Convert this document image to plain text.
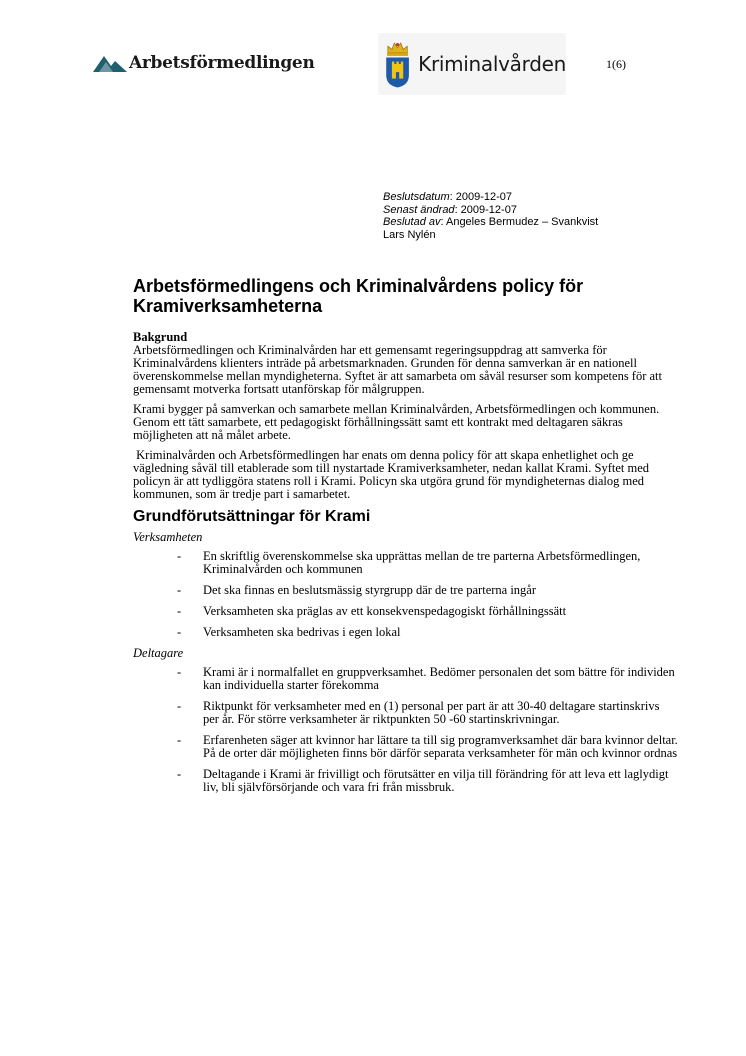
Arbetsförmedlingen	Kriminalvården	1(6)
Beslutsdatum: 2009-12-07
Senast ändrad: 2009-12-07
Beslutad av: Angeles Bermudez – Svankvist
Lars Nylén
Arbetsförmedlingens och Kriminalvårdens policy för Kramiverksamheterna
Bakgrund

Arbetsförmedlingen och Kriminalvården har ett gemensamt regeringsuppdrag att samverka för Kriminalvårdens klienters inträde på arbetsmarknaden. Grunden för denna samverkan är en nationell överenskommelse mellan myndigheterna. Syftet är att samarbeta om såväl resurser som kompetens för att gemensamt motverka fortsatt utanförskap för målgruppen.

Krami bygger på samverkan och samarbete mellan Kriminalvården, Arbetsförmedlingen och kommunen. Genom ett tätt samarbete, ett pedagogiskt förhållningssätt samt ett kontrakt med deltagaren säkras möjligheten att nå målet arbete.

Kriminalvården och Arbetsförmedlingen har enats om denna policy för att skapa enhetlighet och ge vägledning såväl till etablerade som till nystartade Kramiverksamheter, nedan kallat Krami. Syftet med policyn är att tydliggöra statens roll i Krami. Policyn ska utgöra grund för myndigheternas dialog med kommunen, som är tredje part i samarbetet.

Grundförutsättningar för Krami
Verksamheten
- En skriftlig överenskommelse ska upprättas mellan de tre parterna Arbetsförmedlingen, Kriminalvården och kommunen
- Det ska finnas en beslutsmässig styrgrupp där de tre parterna ingår
- Verksamheten ska präglas av ett konsekvenspedagogiskt förhållningssätt
- Verksamheten ska bedrivas i egen lokal
Deltagare
- Krami är i normalfallet en gruppverksamhet. Bedömer personalen det som bättre för individen kan individuella starter förekomma
- Riktpunkt för verksamheter med en (1) personal per part är att 30-40 deltagare startinskrivs per år. För större verksamheter är riktpunkten 50 -60 startinskrivningar.
- Erfarenheten säger att kvinnor har lättare ta till sig programverksamhet där bara kvinnor deltar. På de orter där möjligheten finns bör därför separata verksamheter för män och kvinnor ordnas
- Deltagande i Krami är frivilligt och förutsätter en vilja till förändring för att leva ett laglydigt liv, bli självförsörjande och vara fri från missbruk.
